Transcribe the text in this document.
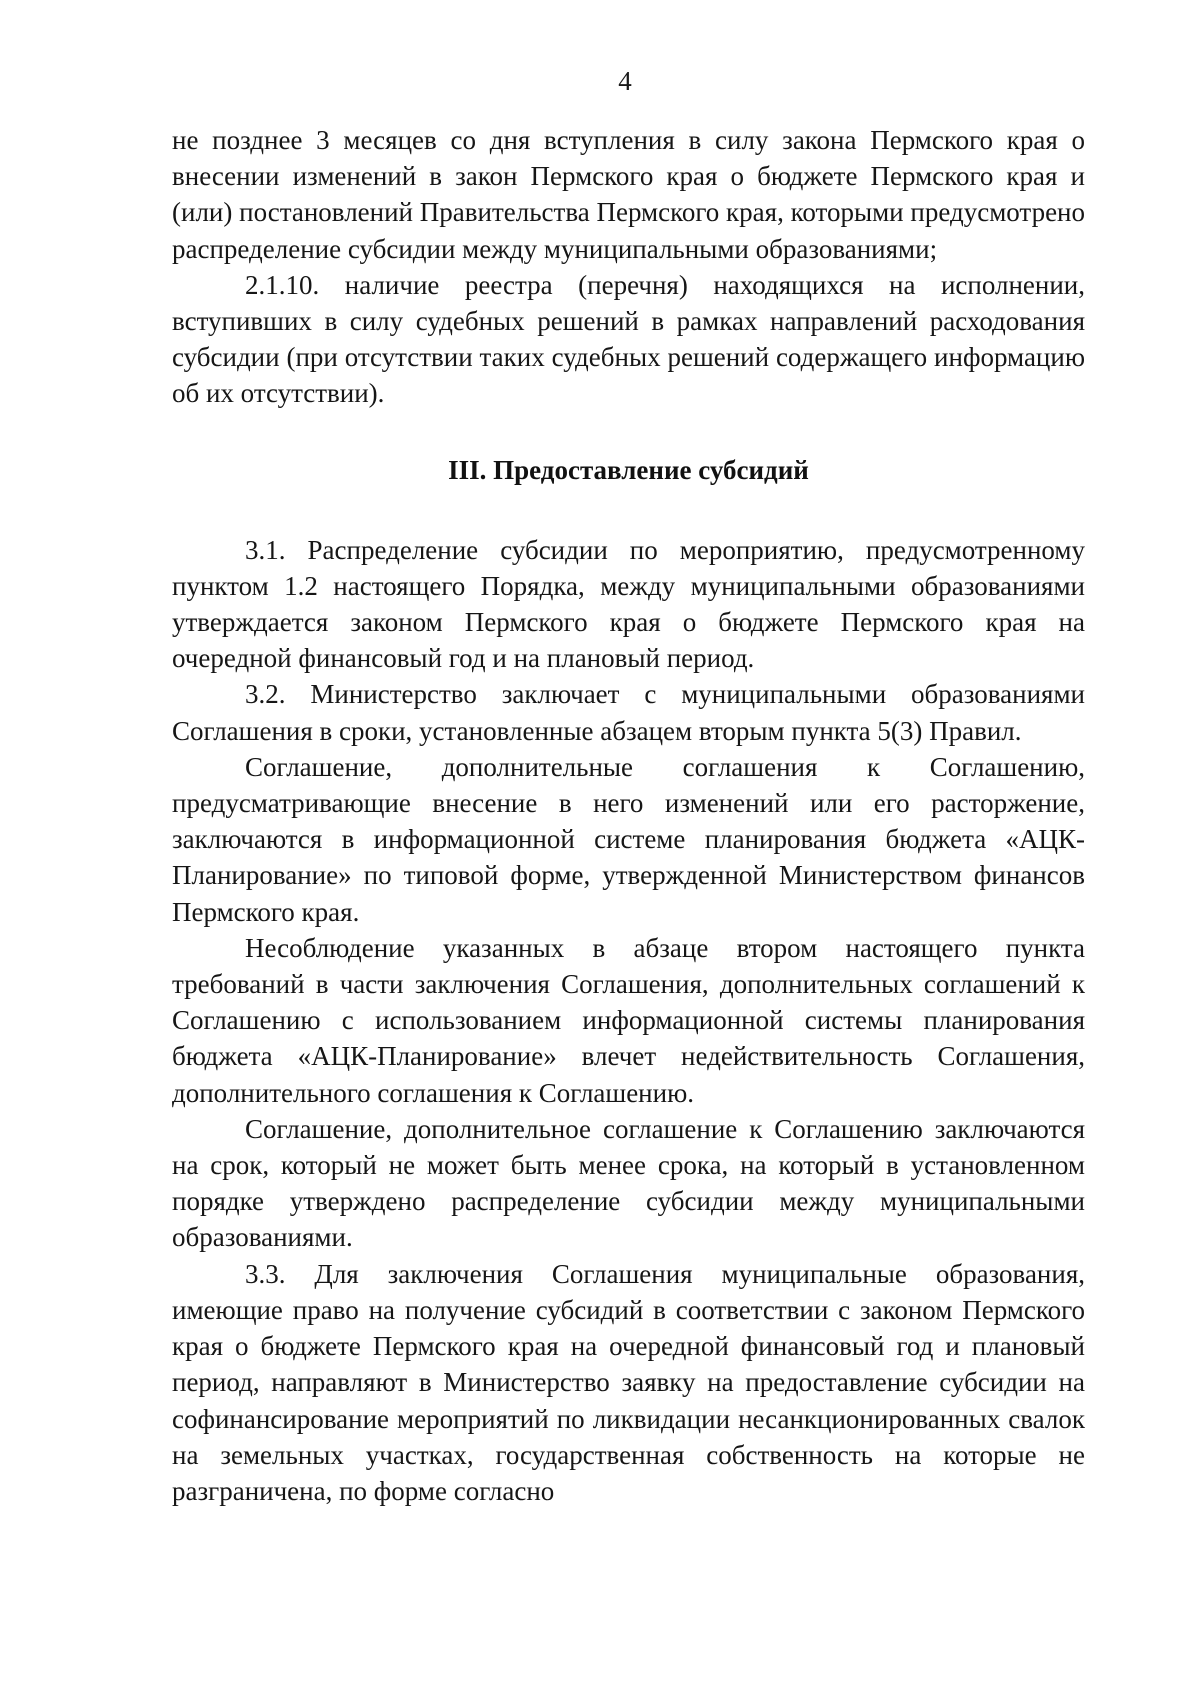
4

не позднее 3 месяцев со дня вступления в силу закона Пермского края о внесении изменений в закон Пермского края о бюджете Пермского края и (или) постановлений Правительства Пермского края, которыми предусмотрено распределение субсидии между муниципальными образованиями;

2.1.10. наличие реестра (перечня) находящихся на исполнении, вступивших в силу судебных решений в рамках направлений расходования субсидии (при отсутствии таких судебных решений содержащего информацию об их отсутствии).

III. Предоставление субсидий

3.1. Распределение субсидии по мероприятию, предусмотренному пунктом 1.2 настоящего Порядка, между муниципальными образованиями утверждается законом Пермского края о бюджете Пермского края на очередной финансовый год и на плановый период.

3.2. Министерство заключает с муниципальными образованиями Соглашения в сроки, установленные абзацем вторым пункта 5(3) Правил.

Соглашение, дополнительные соглашения к Соглашению, предусматривающие внесение в него изменений или его расторжение, заключаются в информационной системе планирования бюджета «АЦК-Планирование» по типовой форме, утвержденной Министерством финансов Пермского края.

Несоблюдение указанных в абзаце втором настоящего пункта требований в части заключения Соглашения, дополнительных соглашений к Соглашению с использованием информационной системы планирования бюджета «АЦК-Планирование» влечет недействительность Соглашения, дополнительного соглашения к Соглашению.

Соглашение, дополнительное соглашение к Соглашению заключаются на срок, который не может быть менее срока, на который в установленном порядке утверждено распределение субсидии между муниципальными образованиями.

3.3. Для заключения Соглашения муниципальные образования, имеющие право на получение субсидий в соответствии с законом Пермского края о бюджете Пермского края на очередной финансовый год и плановый период, направляют в Министерство заявку на предоставление субсидии на софинансирование мероприятий по ликвидации несанкционированных свалок на земельных участках, государственная собственность на которые не разграничена, по форме согласно
